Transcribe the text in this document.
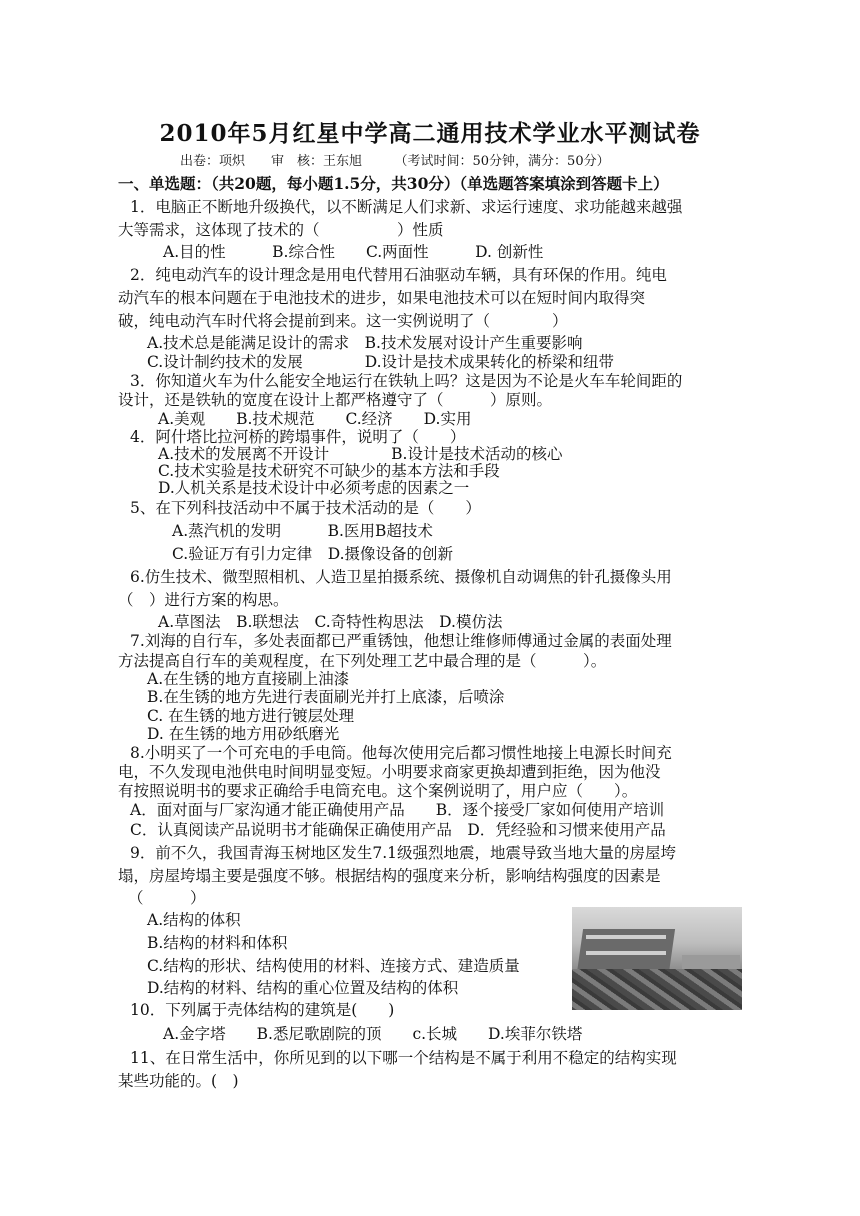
2010年5月红星中学高二通用技术学业水平测试卷
出卷：项炽　　审　核：王东旭　　　（考试时间：50分钟，满分：50分）
一、单选题：（共20题，每小题1.5分，共30分）（单选题答案填涂到答题卡上）
1．电脑正不断地升级换代，以不断满足人们求新、求运行速度、求功能越来越强
大等需求，这体现了技术的（　　　　　）性质
A.目的性　　　B.综合性　　C.两面性　　　D. 创新性
2．纯电动汽车的设计理念是用电代替用石油驱动车辆，具有环保的作用。纯电
动汽车的根本问题在于电池技术的进步，如果电池技术可以在短时间内取得突
破，纯电动汽车时代将会提前到来。这一实例说明了（　　　　）
A.技术总是能满足设计的需求　B.技术发展对设计产生重要影响
C.设计制约技术的发展　　　　D.设计是技术成果转化的桥梁和纽带
3．你知道火车为什么能安全地运行在铁轨上吗？这是因为不论是火车车轮间距的
设计，还是铁轨的宽度在设计上都严格遵守了（　　　）原则。
A.美观　　B.技术规范　　C.经济　　D.实用
4．阿什塔比拉河桥的跨塌事件，说明了（　　）
A.技术的发展离不开设计　　　　B.设计是技术活动的核心
C.技术实验是技术研究不可缺少的基本方法和手段
D.人机关系是技术设计中必须考虑的因素之一
5、在下列科技活动中不属于技术活动的是（　　）
A.蒸汽机的发明　　　B.医用B超技术
C.验证万有引力定律　D.摄像设备的创新
6.仿生技术、微型照相机、人造卫星拍摄系统、摄像机自动调焦的针孔摄像头用
（　）进行方案的构思。
A.草图法　B.联想法　C.奇特性构思法　D.模仿法
7.刘海的自行车，多处表面都已严重锈蚀，他想让维修师傅通过金属的表面处理
方法提高自行车的美观程度，在下列处理工艺中最合理的是（　　　）。
A.在生锈的地方直接刷上油漆
B.在生锈的地方先进行表面刷光并打上底漆，后喷涂
C. 在生锈的地方进行镀层处理
D. 在生锈的地方用砂纸磨光
8.小明买了一个可充电的手电筒。他每次使用完后都习惯性地接上电源长时间充
电，不久发现电池供电时间明显变短。小明要求商家更换却遭到拒绝，因为他没
有按照说明书的要求正确给手电筒充电。这个案例说明了，用户应（　　）。
A．面对面与厂家沟通才能正确使用产品　　B．逐个接受厂家如何使用产培训
C．认真阅读产品说明书才能确保正确使用产品　D．凭经验和习惯来使用产品
9．前不久，我国青海玉树地区发生7.1级强烈地震，地震导致当地大量的房屋垮
塌，房屋垮塌主要是强度不够。根据结构的强度来分析，影响结构强度的因素是
（　　　）
A.结构的体积
B.结构的材料和体积
C.结构的形状、结构使用的材料、连接方式、建造质量
D.结构的材料、结构的重心位置及结构的体积
10．下列属于壳体结构的建筑是(　　)
A.金字塔　　B.悉尼歌剧院的顶　　c.长城　　D.埃菲尔铁塔
11、在日常生活中，你所见到的以下哪一个结构是不属于利用不稳定的结构实现
某些功能的。(　)
